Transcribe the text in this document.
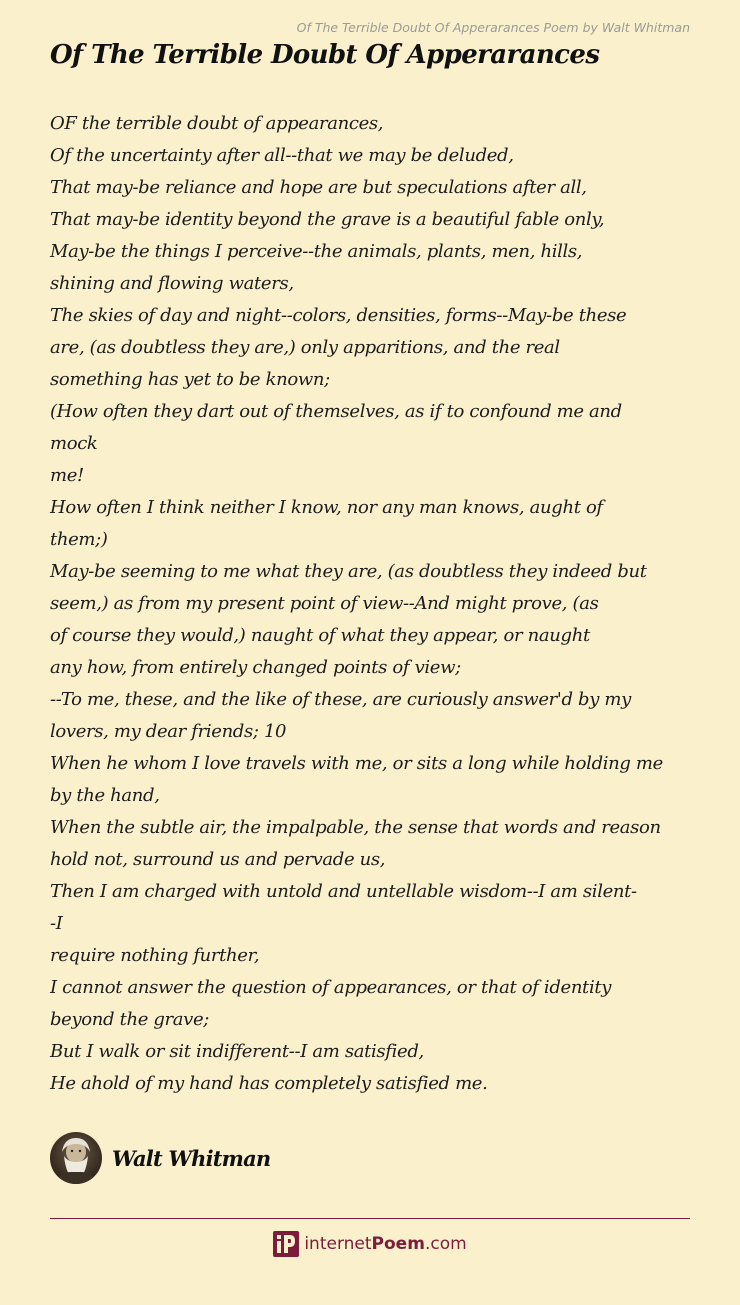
Of The Terrible Doubt Of Apperarances Poem by Walt Whitman
Of The Terrible Doubt Of Apperarances
OF the terrible doubt of appearances,
Of the uncertainty after all--that we may be deluded,
That may-be reliance and hope are but speculations after all,
That may-be identity beyond the grave is a beautiful fable only,
May-be the things I perceive--the animals, plants, men, hills,
shining and flowing waters,
The skies of day and night--colors, densities, forms--May-be these
are, (as doubtless they are,) only apparitions, and the real
something has yet to be known;
(How often they dart out of themselves, as if to confound me and
mock
me!
How often I think neither I know, nor any man knows, aught of
them;)
May-be seeming to me what they are, (as doubtless they indeed but
seem,) as from my present point of view--And might prove, (as
of course they would,) naught of what they appear, or naught
any how, from entirely changed points of view;
--To me, these, and the like of these, are curiously answer'd by my
lovers, my dear friends; 10
When he whom I love travels with me, or sits a long while holding me
by the hand,
When the subtle air, the impalpable, the sense that words and reason
hold not, surround us and pervade us,
Then I am charged with untold and untellable wisdom--I am silent-
-I
require nothing further,
I cannot answer the question of appearances, or that of identity
beyond the grave;
But I walk or sit indifferent--I am satisfied,
He ahold of my hand has completely satisfied me.
Walt Whitman
internetPoem.com
